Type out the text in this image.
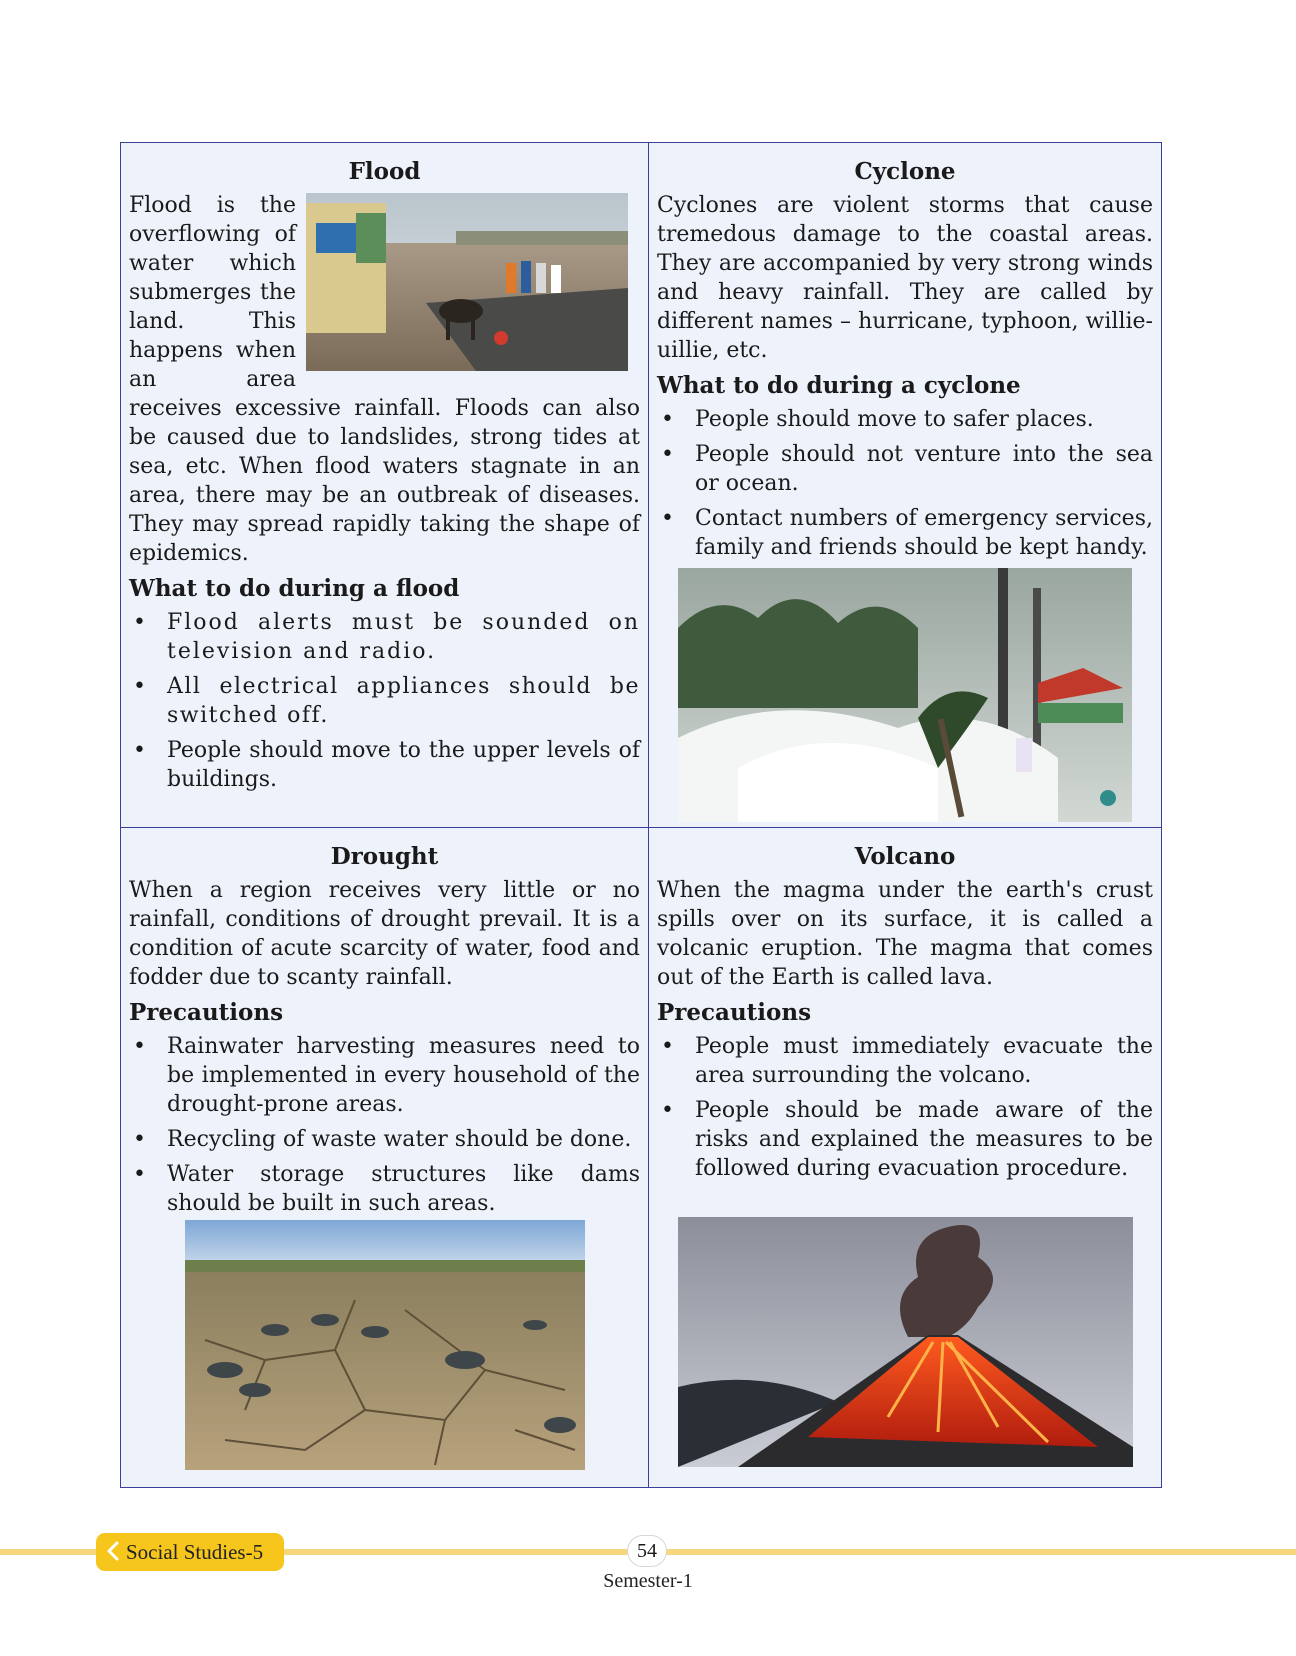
Flood

Flood is the overflowing of water which submerges the land. This happens when an area receives excessive rainfall. Floods can also be caused due to landslides, strong tides at sea, etc. When flood waters stagnate in an area, there may be an outbreak of diseases. They may spread rapidly taking the shape of epidemics.

What to do during a flood
• Flood alerts must be sounded on television and radio.
• All electrical appliances should be switched off.
• People should move to the upper levels of buildings.
Cyclone

Cyclones are violent storms that cause tremedous damage to the coastal areas. They are accompanied by very strong winds and heavy rainfall. They are called by different names – hurricane, typhoon, willie-uillie, etc.

What to do during a cyclone
• People should move to safer places.
• People should not venture into the sea or ocean.
• Contact numbers of emergency services, family and friends should be kept handy.
Drought

When a region receives very little or no rainfall, conditions of drought prevail. It is a condition of acute scarcity of water, food and fodder due to scanty rainfall.

Precautions
• Rainwater harvesting measures need to be implemented in every household of the drought-prone areas.
• Recycling of waste water should be done.
• Water storage structures like dams should be built in such areas.
Volcano

When the magma under the earth's crust spills over on its surface, it is called a volcanic eruption. The magma that comes out of the Earth is called lava.

Precautions
• People must immediately evacuate the area surrounding the volcano.
• People should be made aware of the risks and explained the measures to be followed during evacuation procedure.
Social Studies-5	54
Semester-1
